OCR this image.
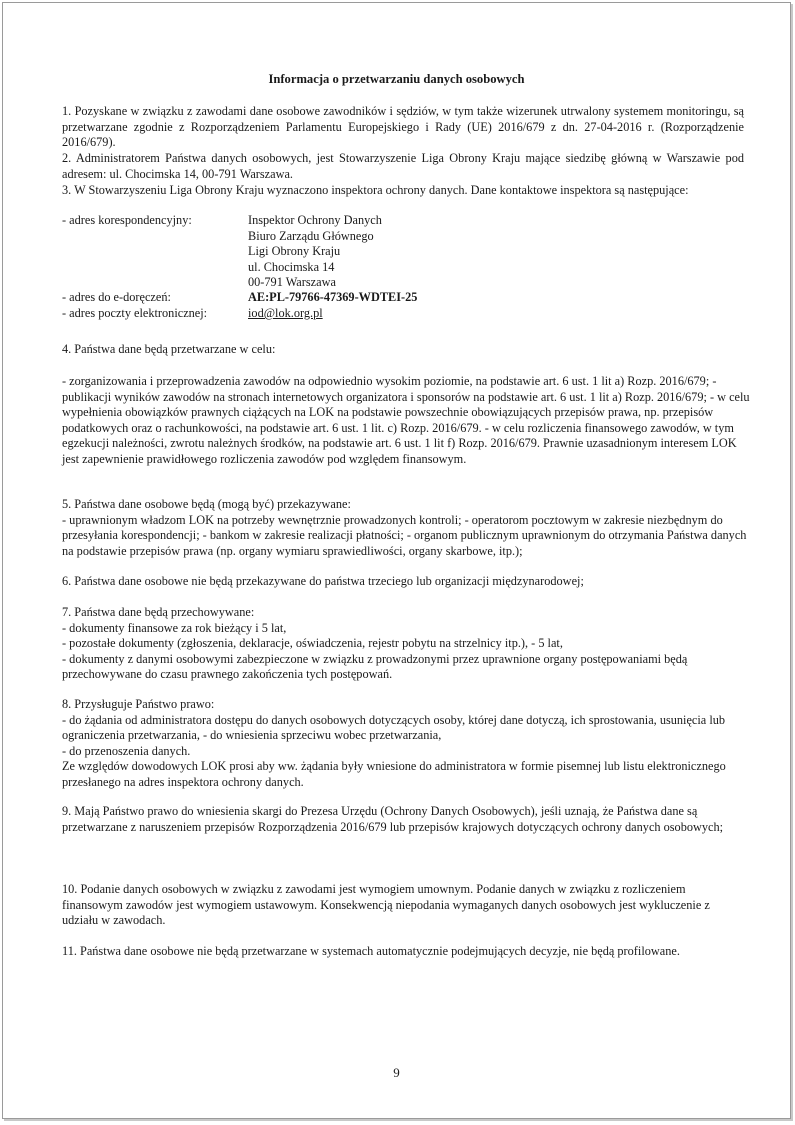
Informacja o przetwarzaniu danych osobowych
1. Pozyskane w związku z zawodami dane osobowe zawodników i sędziów, w tym także wizerunek utrwalony systemem monitoringu, są przetwarzane zgodnie z Rozporządzeniem Parlamentu Europejskiego i Rady (UE) 2016/679 z dn. 27-04-2016 r. (Rozporządzenie 2016/679).
2. Administratorem Państwa danych osobowych, jest Stowarzyszenie Liga Obrony Kraju mające siedzibę główną w Warszawie pod adresem: ul. Chocimska 14, 00-791 Warszawa.
3. W Stowarzyszeniu Liga Obrony Kraju wyznaczono inspektora ochrony danych. Dane kontaktowe inspektora są następujące:
- adres korespondencyjny:	Inspektor Ochrony Danych
Biuro Zarządu Głównego
Ligi Obrony Kraju
ul. Chocimska 14
00-791 Warszawa
- adres do e-doręczeń:	AE:PL-79766-47369-WDTEI-25
- adres poczty elektronicznej:	iod@lok.org.pl
4. Państwa dane będą przetwarzane w celu:
- zorganizowania i przeprowadzenia zawodów na odpowiednio wysokim poziomie, na podstawie art. 6 ust. 1 lit a) Rozp. 2016/679; - publikacji wyników zawodów na stronach internetowych organizatora i sponsorów na podstawie art. 6 ust. 1 lit a) Rozp. 2016/679; - w celu wypełnienia obowiązków prawnych ciążących na LOK na podstawie powszechnie obowiązujących przepisów prawa, np. przepisów podatkowych oraz o rachunkowości, na podstawie art. 6 ust. 1 lit. c) Rozp. 2016/679. - w celu rozliczenia finansowego zawodów, w tym egzekucji należności, zwrotu należnych środków, na podstawie art. 6 ust. 1 lit f) Rozp. 2016/679. Prawnie uzasadnionym interesem LOK jest zapewnienie prawidłowego rozliczenia zawodów pod względem finansowym.
5. Państwa dane osobowe będą (mogą być) przekazywane:
- uprawnionym władzom LOK na potrzeby wewnętrznie prowadzonych kontroli; - operatorom pocztowym w zakresie niezbędnym do przesyłania korespondencji; - bankom w zakresie realizacji płatności; - organom publicznym uprawnionym do otrzymania Państwa danych na podstawie przepisów prawa (np. organy wymiaru sprawiedliwości, organy skarbowe, itp.);
6. Państwa dane osobowe nie będą przekazywane do państwa trzeciego lub organizacji międzynarodowej;
7. Państwa dane będą przechowywane:
- dokumenty finansowe za rok bieżący i 5 lat,
- pozostałe dokumenty (zgłoszenia, deklaracje, oświadczenia, rejestr pobytu na strzelnicy itp.), - 5 lat,
- dokumenty z danymi osobowymi zabezpieczone w związku z prowadzonymi przez uprawnione organy postępowaniami będą przechowywane do czasu prawnego zakończenia tych postępowań.
8. Przysługuje Państwo prawo:
- do żądania od administratora dostępu do danych osobowych dotyczących osoby, której dane dotyczą, ich sprostowania, usunięcia lub ograniczenia przetwarzania, - do wniesienia sprzeciwu wobec przetwarzania,
- do przenoszenia danych.
Ze względów dowodowych LOK prosi aby ww. żądania były wniesione do administratora w formie pisemnej lub listu elektronicznego przesłanego na adres inspektora ochrony danych.
9. Mają Państwo prawo do wniesienia skargi do Prezesa Urzędu (Ochrony Danych Osobowych), jeśli uznają, że Państwa dane są przetwarzane z naruszeniem przepisów Rozporządzenia 2016/679 lub przepisów krajowych dotyczących ochrony danych osobowych;
10. Podanie danych osobowych w związku z zawodami jest wymogiem umownym. Podanie danych w związku z rozliczeniem finansowym zawodów jest wymogiem ustawowym. Konsekwencją niepodania wymaganych danych osobowych jest wykluczenie z udziału w zawodach.
11. Państwa dane osobowe nie będą przetwarzane w systemach automatycznie podejmujących decyzje, nie będą profilowane.
9
